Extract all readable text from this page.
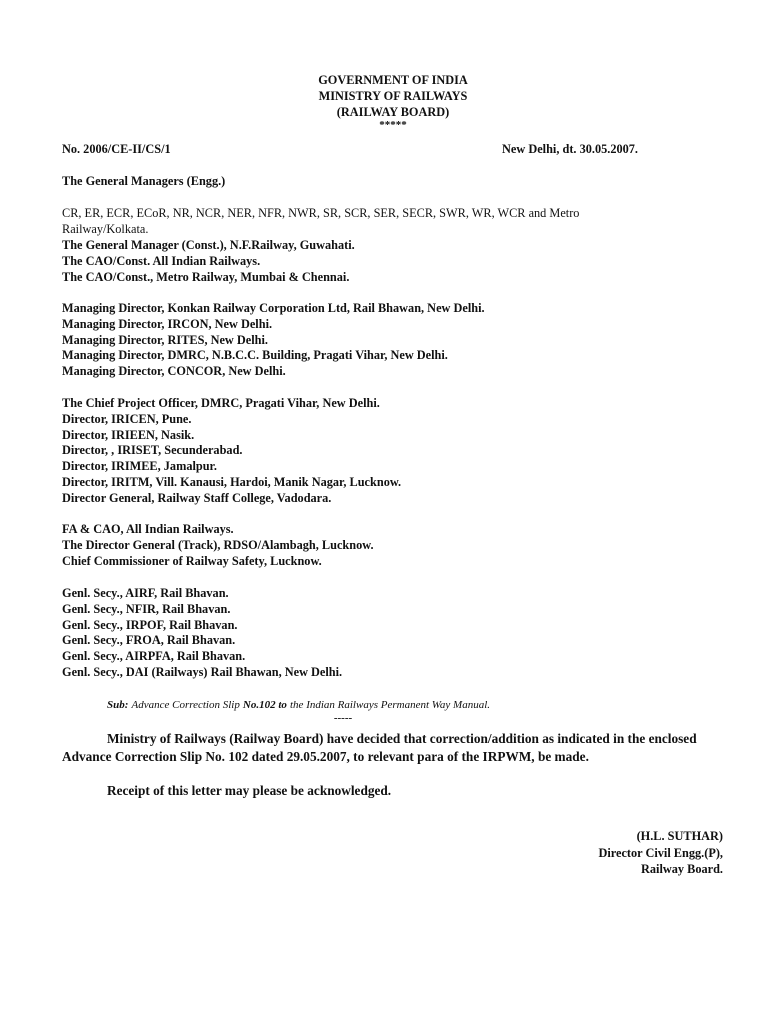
GOVERNMENT OF INDIA
MINISTRY OF RAILWAYS
(RAILWAY BOARD)
*****
No. 2006/CE-II/CS/1	New Delhi, dt. 30.05.2007.
The General Managers (Engg.)
CR, ER, ECR, ECoR, NR, NCR, NER, NFR, NWR, SR, SCR, SER, SECR, SWR, WR, WCR and Metro
Railway/Kolkata.
The General Manager (Const.), N.F.Railway, Guwahati.
The CAO/Const. All Indian Railways.
The CAO/Const., Metro Railway, Mumbai & Chennai.
Managing Director, Konkan Railway Corporation Ltd, Rail Bhawan, New Delhi.
Managing Director, IRCON, New Delhi.
Managing Director, RITES, New Delhi.
Managing Director, DMRC, N.B.C.C. Building, Pragati Vihar, New Delhi.
Managing Director, CONCOR, New Delhi.
The Chief Project Officer, DMRC, Pragati Vihar, New Delhi.
Director, IRICEN, Pune.
Director, IRIEEN, Nasik.
Director, , IRISET, Secunderabad.
Director, IRIMEE, Jamalpur.
Director, IRITM, Vill. Kanausi, Hardoi, Manik Nagar, Lucknow.
Director General, Railway Staff College, Vadodara.
FA & CAO, All Indian Railways.
The Director General (Track), RDSO/Alambagh, Lucknow.
Chief Commissioner of Railway Safety, Lucknow.
Genl. Secy., AIRF, Rail Bhavan.
Genl. Secy., NFIR, Rail Bhavan.
Genl. Secy., IRPOF, Rail Bhavan.
Genl. Secy., FROA, Rail Bhavan.
Genl. Secy., AIRPFA, Rail Bhavan.
Genl. Secy., DAI (Railways) Rail Bhawan, New Delhi.
Sub: Advance Correction Slip No.102 to the Indian Railways Permanent Way Manual.
-----
Ministry of Railways (Railway Board) have decided that correction/addition as indicated in the enclosed Advance Correction Slip No. 102 dated 29.05.2007, to relevant para of the IRPWM, be made.
Receipt of this letter may please be acknowledged.
(H.L. SUTHAR)
Director Civil Engg.(P),
Railway Board.
